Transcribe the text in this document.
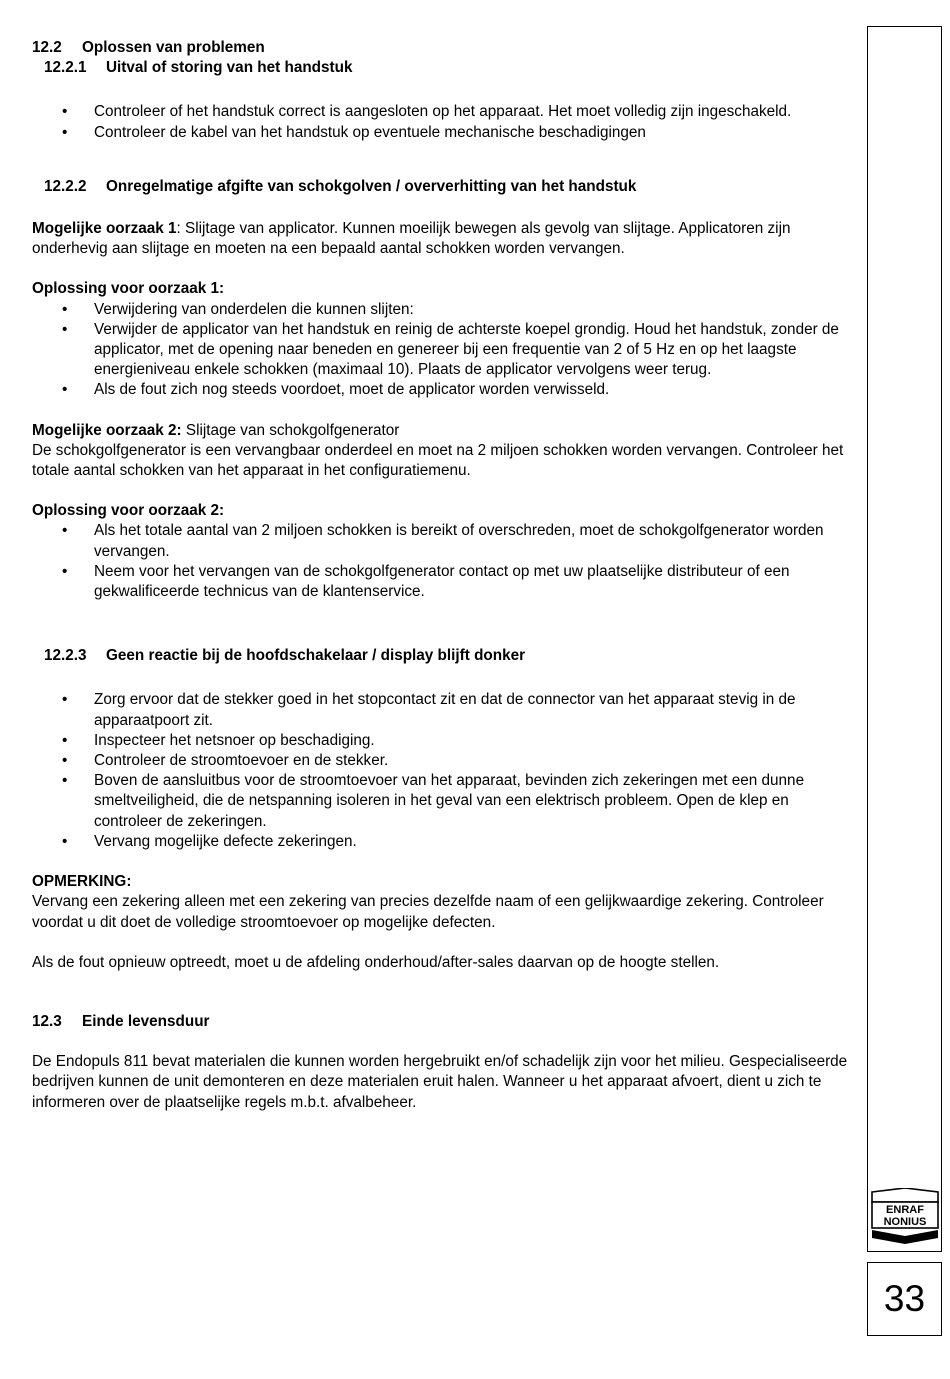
12.2 Oplossen van problemen
12.2.1 Uitval of storing van het handstuk
• Controleer of het handstuk correct is aangesloten op het apparaat. Het moet volledig zijn ingeschakeld.
• Controleer de kabel van het handstuk op eventuele mechanische beschadigingen
12.2.2 Onregelmatige afgifte van schokgolven / oververhitting van het handstuk

Mogelijke oorzaak 1: Slijtage van applicator. Kunnen moeilijk bewegen als gevolg van slijtage. Applicatoren zijn onderhevig aan slijtage en moeten na een bepaald aantal schokken worden vervangen.

Oplossing voor oorzaak 1:

• Verwijdering van onderdelen die kunnen slijten:
• Verwijder de applicator van het handstuk en reinig de achterste koepel grondig. Houd het handstuk, zonder de applicator, met de opening naar beneden en genereer bij een frequentie van 2 of 5 Hz en op het laagste energieniveau enkele schokken (maximaal 10). Plaats de applicator vervolgens weer terug.
• Als de fout zich nog steeds voordoet, moet de applicator worden verwisseld.

Mogelijke oorzaak 2: Slijtage van schokgolfgenerator

De schokgolfgenerator is een vervangbaar onderdeel en moet na 2 miljoen schokken worden vervangen. Controleer het totale aantal schokken van het apparaat in het configuratiemenu.

Oplossing voor oorzaak 2:

• Als het totale aantal van 2 miljoen schokken is bereikt of overschreden, moet de schokgolfgenerator worden vervangen.
• Neem voor het vervangen van de schokgolfgenerator contact op met uw plaatselijke distributeur of een gekwalificeerde technicus van de klantenservice.
12.2.3 Geen reactie bij de hoofdschakelaar / display blijft donker
• Zorg ervoor dat de stekker goed in het stopcontact zit en dat de connector van het apparaat stevig in de apparaatpoort zit.
• Inspecteer het netsnoer op beschadiging.
• Controleer de stroomtoevoer en de stekker.
• Boven de aansluitbus voor de stroomtoevoer van het apparaat, bevinden zich zekeringen met een dunne smeltveiligheid, die de netspanning isoleren in het geval van een elektrisch probleem. Open de klep en controleer de zekeringen.
• Vervang mogelijke defecte zekeringen.

OPMERKING:

Vervang een zekering alleen met een zekering van precies dezelfde naam of een gelijkwaardige zekering. Controleer voordat u dit doet de volledige stroomtoevoer op mogelijke defecten.

Als de fout opnieuw optreedt, moet u de afdeling onderhoud/after-sales daarvan op de hoogte stellen.

12.3 Einde levensduur

De Endopuls 811 bevat materialen die kunnen worden hergebruikt en/of schadelijk zijn voor het milieu. Gespecialiseerde bedrijven kunnen de unit demonteren en deze materialen eruit halen. Wanneer u het apparaat afvoert, dient u zich te informeren over de plaatselijke regels m.b.t. afvalbeheer.

ENRAF
NONIUS
33
